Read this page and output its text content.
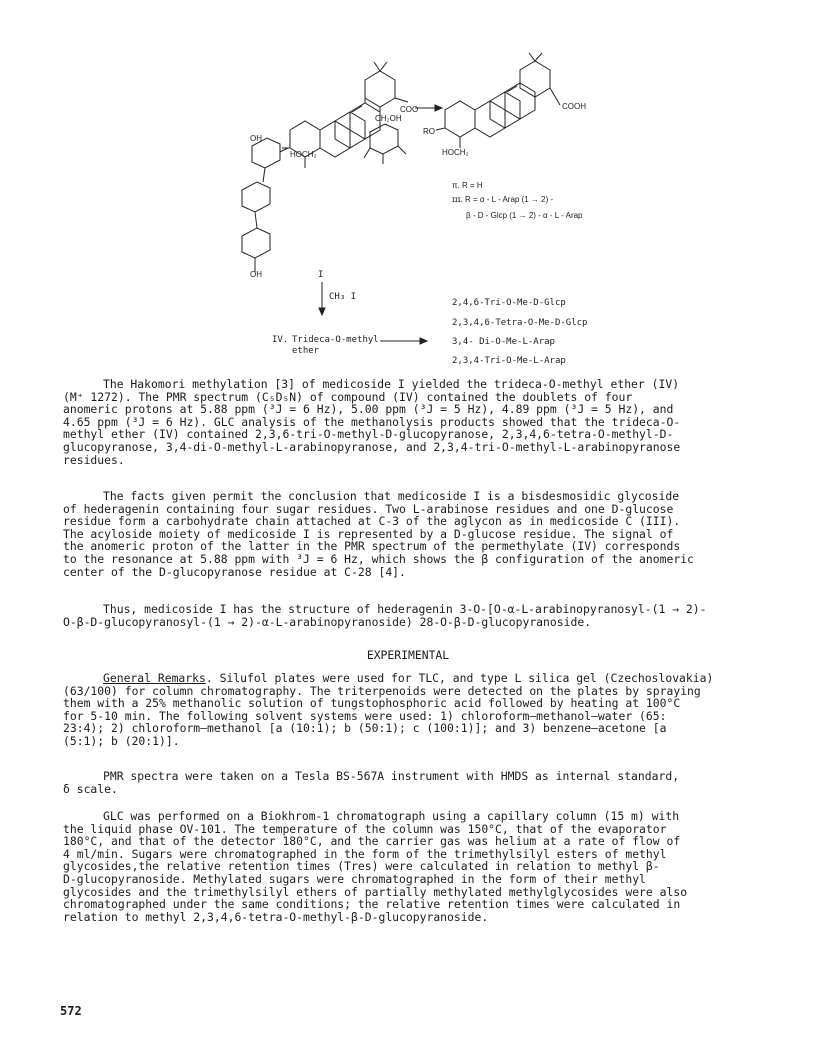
COO	COOH
HOCH₂	HOCH₂
RO
OH
CH₂OH
OH
π. R = H
ɪɪɪ. R = α - L - Arap (1 → 2) -
β - D - Glcp (1 → 2) - α - L - Arap
I
CH₃ I
IV. Trideca-O-methyl
ether
2,4,6-Tri-O-Me-D-Glcp
2,3,4,6-Tetra-O-Me-D-Glcp
3,4- Di-O-Me-L-Arap
2,3,4-Tri-O-Me-L-Arap
The Hakomori methylation [3] of medicoside I yielded the trideca-O-methyl ether (IV)
(M⁺ 1272). The PMR spectrum (C₅D₅N) of compound (IV) contained the doublets of four
anomeric protons at 5.88 ppm (³J = 6 Hz), 5.00 ppm (³J = 5 Hz), 4.89 ppm (³J = 5 Hz), and
4.65 ppm (³J = 6 Hz). GLC analysis of the methanolysis products showed that the trideca-O-
methyl ether (IV) contained 2,3,6-tri-O-methyl-D-glucopyranose, 2,3,4,6-tetra-O-methyl-D-
glucopyranose, 3,4-di-O-methyl-L-arabinopyranose, and 2,3,4-tri-O-methyl-L-arabinopyranose
residues.
The facts given permit the conclusion that medicoside I is a bisdesmosidic glycoside
of hederagenin containing four sugar residues. Two L-arabinose residues and one D-glucose
residue form a carbohydrate chain attached at C-3 of the aglycon as in medicoside C (III).
The acyloside moiety of medicoside I is represented by a D-glucose residue. The signal of
the anomeric proton of the latter in the PMR spectrum of the permethylate (IV) corresponds
to the resonance at 5.88 ppm with ³J = 6 Hz, which shows the β configuration of the anomeric
center of the D-glucopyranose residue at C-28 [4].
Thus, medicoside I has the structure of hederagenin 3-O-[O-α-L-arabinopyranosyl-(1 → 2)-
O-β-D-glucopyranosyl-(1 → 2)-α-L-arabinopyranoside) 28-O-β-D-glucopyranoside.
EXPERIMENTAL
General Remarks. Silufol plates were used for TLC, and type L silica gel (Czechoslovakia)
(63/100) for column chromatography. The triterpenoids were detected on the plates by spraying
them with a 25% methanolic solution of tungstophosphoric acid followed by heating at 100°C
for 5-10 min. The following solvent systems were used: 1) chloroform—methanol—water (65:
23:4); 2) chloroform—methanol [a (10:1); b (50:1); c (100:1)]; and 3) benzene—acetone [a
(5:1); b (20:1)].
PMR spectra were taken on a Tesla BS-567A instrument with HMDS as internal standard,
δ scale.
GLC was performed on a Biokhrom-1 chromatograph using a capillary column (15 m) with
the liquid phase OV-101. The temperature of the column was 150°C, that of the evaporator
180°C, and that of the detector 180°C, and the carrier gas was helium at a rate of flow of
4 ml/min. Sugars were chromatographed in the form of the trimethylsilyl esters of methyl
glycosides,the relative retention times (Tres) were calculated in relation to methyl β-
D-glucopyranoside. Methylated sugars were chromatographed in the form of their methyl
glycosides and the trimethylsilyl ethers of partially methylated methylglycosides were also
chromatographed under the same conditions; the relative retention times were calculated in
relation to methyl 2,3,4,6-tetra-O-methyl-β-D-glucopyranoside.
572
